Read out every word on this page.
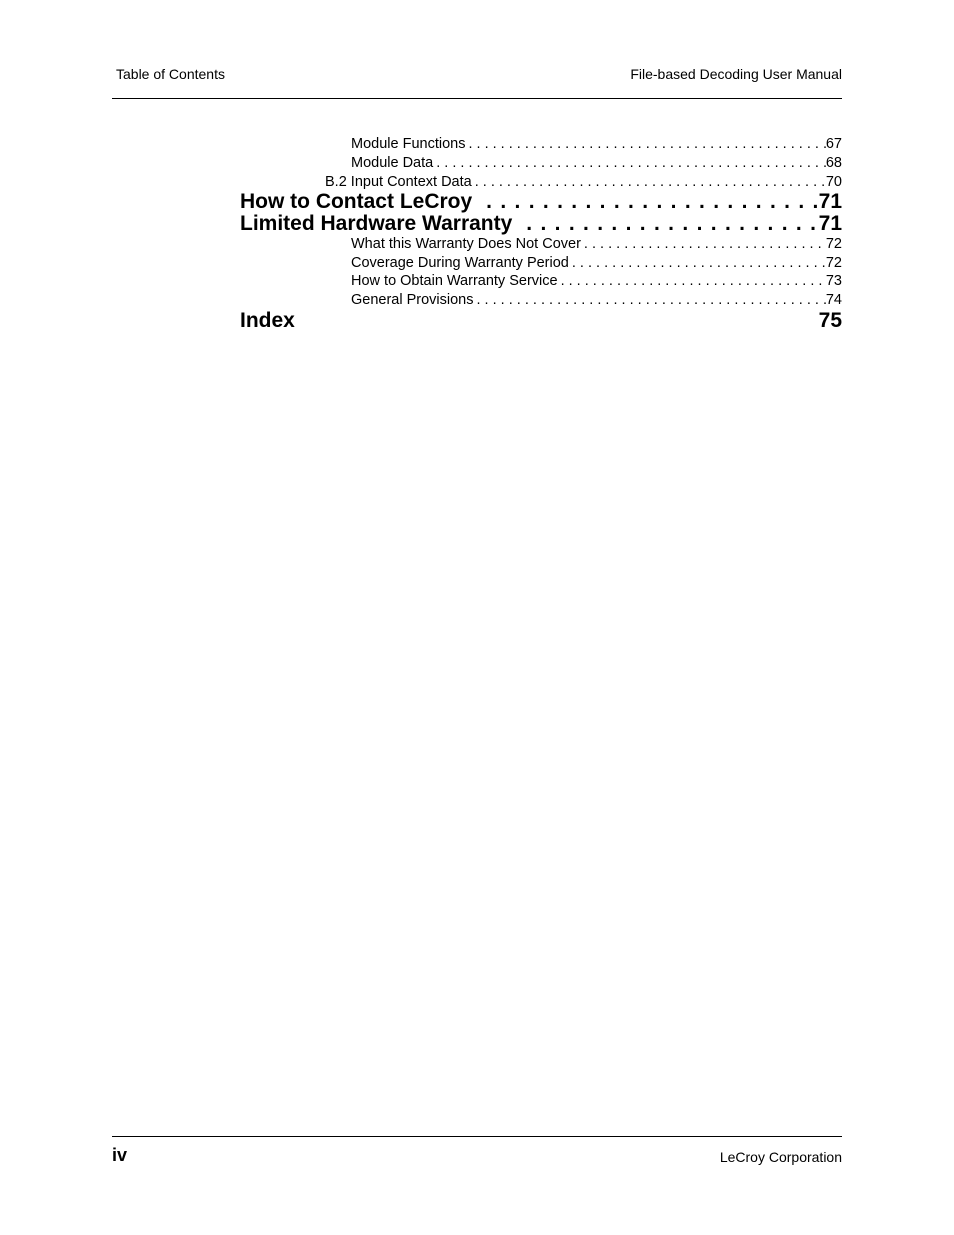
Table of Contents	File-based Decoding User Manual
Module Functions . . .	67
Module Data . . .	68
B.2 Input Context Data . . .	70
How to Contact LeCroy . . .	71
Limited Hardware Warranty . . .	71
What this Warranty Does Not Cover . . .	72
Coverage During Warranty Period . . .	72
How to Obtain Warranty Service . . .	73
General Provisions . . .	74
Index	75
iv	LeCroy Corporation
